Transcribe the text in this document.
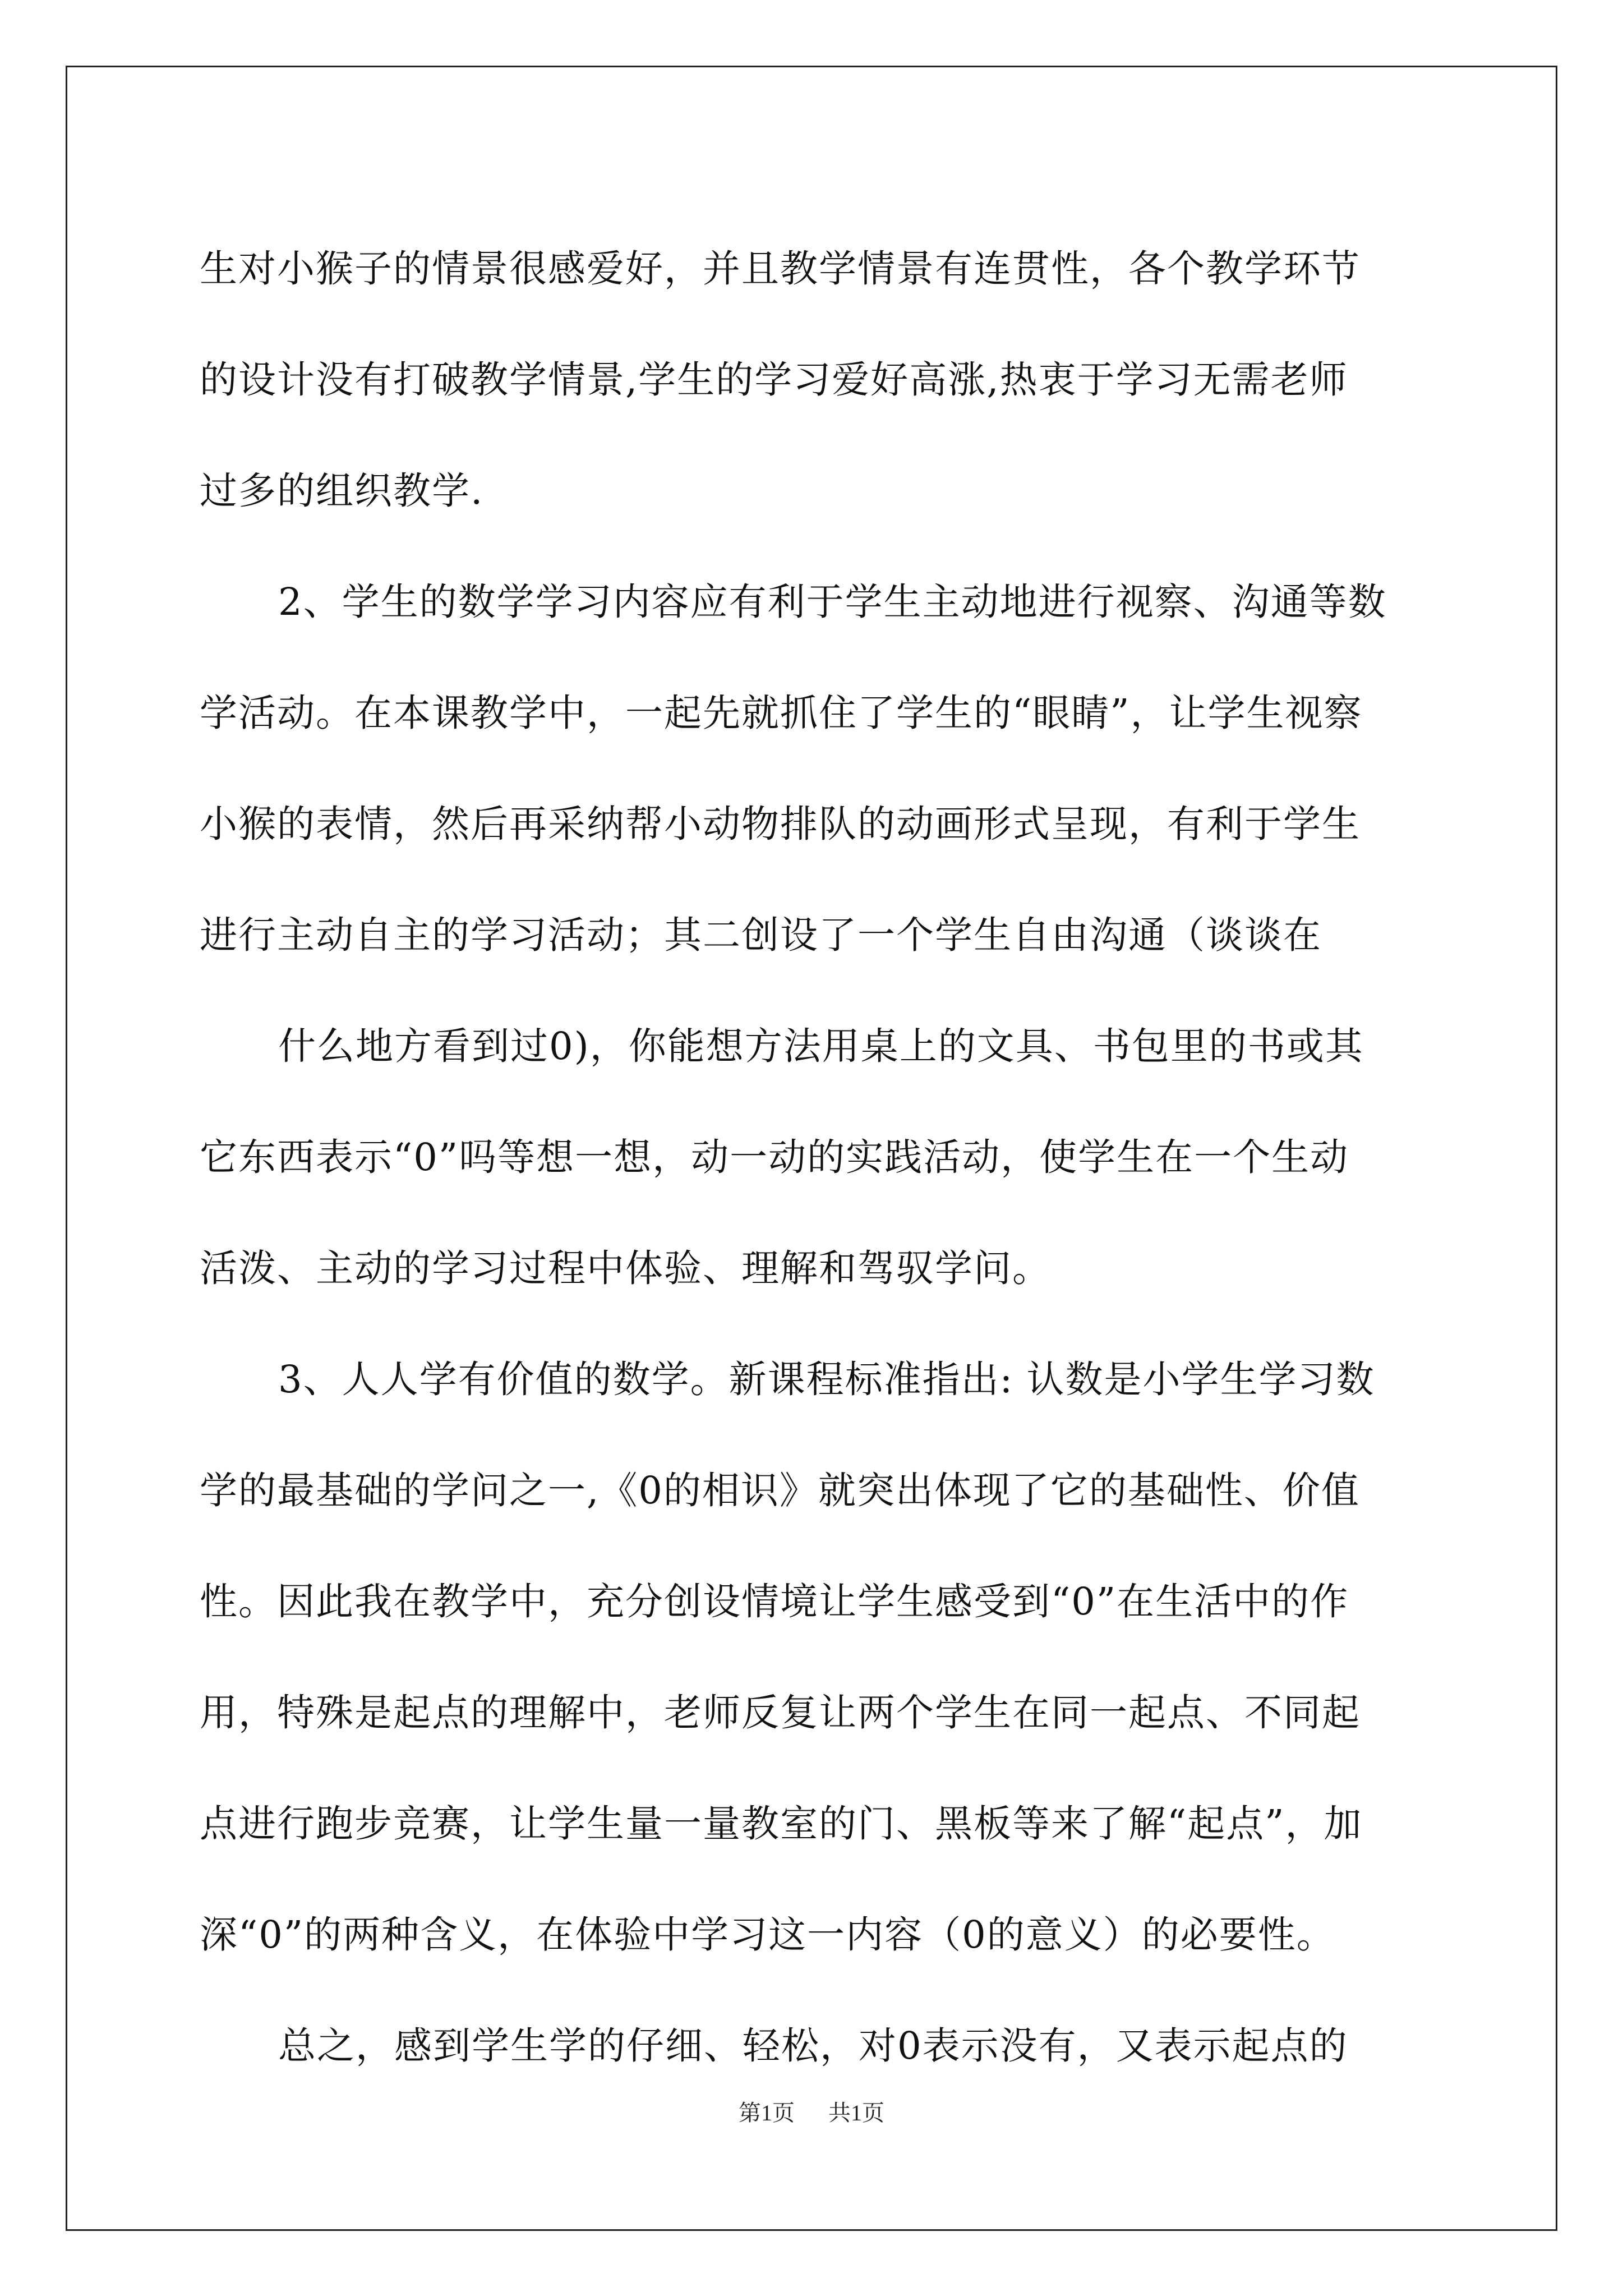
生对小猴子的情景很感爱好，并且教学情景有连贯性，各个教学环节
的设计没有打破教学情景,学生的学习爱好高涨,热衷于学习无需老师
过多的组织教学.
2、学生的数学学习内容应有利于学生主动地进行视察、沟通等数
学活动。在本课教学中，一起先就抓住了学生的“眼睛”，让学生视察
小猴的表情，然后再采纳帮小动物排队的动画形式呈现，有利于学生
进行主动自主的学习活动；其二创设了一个学生自由沟通（谈谈在
什么地方看到过0)，你能想方法用桌上的文具、书包里的书或其
它东西表示“0”吗等想一想，动一动的实践活动，使学生在一个生动
活泼、主动的学习过程中体验、理解和驾驭学问。
3、人人学有价值的数学。新课程标准指出: 认数是小学生学习数
学的最基础的学问之一,《0的相识》就突出体现了它的基础性、价值
性。因此我在教学中，充分创设情境让学生感受到“0”在生活中的作
用，特殊是起点的理解中，老师反复让两个学生在同一起点、不同起
点进行跑步竞赛，让学生量一量教室的门、黑板等来了解“起点”，加
深“0”的两种含义，在体验中学习这一内容（0的意义）的必要性。
总之，感到学生学的仔细、轻松，对0表示没有，又表示起点的
第1页 共1页
